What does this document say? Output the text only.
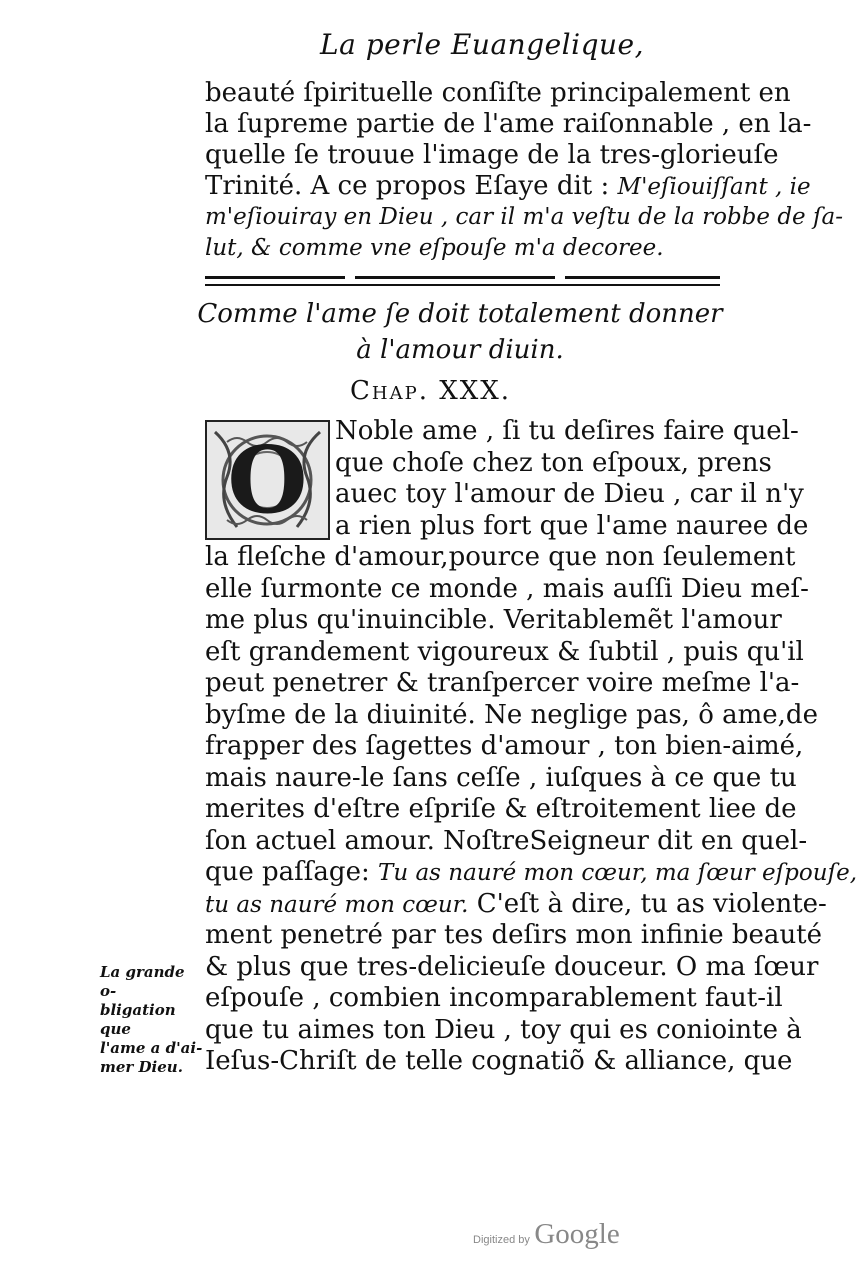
La perle Euangelique,
beauté ſpirituelle conſiſte principalement en
la ſupreme partie de l'ame raiſonnable , en la-
quelle ſe trouue l'image de la tres-glorieuſe
Trinité. A ce propos Eſaye dit : M'eſiouiſſant , ie
m'eſiouiray en Dieu , car il m'a veſtu de la robbe de ſa-
lut, & comme vne eſpouſe m'a decoree.
Comme l'ame ſe doit totalement donner
à l'amour diuin.
Chap. XXX.
O	Noble ame , ſi tu deſires faire quel-
que choſe chez ton eſpoux, prens
auec toy l'amour de Dieu , car il n'y
a rien plus fort que l'ame nauree de
la fleſche d'amour,pource que non ſeulement
elle ſurmonte ce monde , mais auſſi Dieu meſ-
me plus qu'inuincible. Veritablemẽt l'amour
eſt grandement vigoureux & ſubtil , puis qu'il
peut penetrer & tranſpercer voire meſme l'a-
byſme de la diuinité. Ne neglige pas, ô ame,de
frapper des ſagettes d'amour , ton bien-aimé,
mais naure-le ſans ceſſe , iuſques à ce que tu
merites d'eſtre eſpriſe & eſtroitement liee de
ſon actuel amour. NoſtreSeigneur dit en quel-
que paſſage: Tu as nauré mon cœur, ma ſœur eſpouſe,
tu as nauré mon cœur. C'eſt à dire, tu as violente-
ment penetré par tes deſirs mon infinie beauté
& plus que tres-delicieuſe douceur. O ma ſœur
eſpouſe , combien incomparablement faut-il
que tu aimes ton Dieu , toy qui es coniointe à
Ieſus-Chriſt de telle cognatiõ & alliance, que
La grande o-
bligation que
l'ame a d'ai-
mer Dieu.
Digitized by Google
